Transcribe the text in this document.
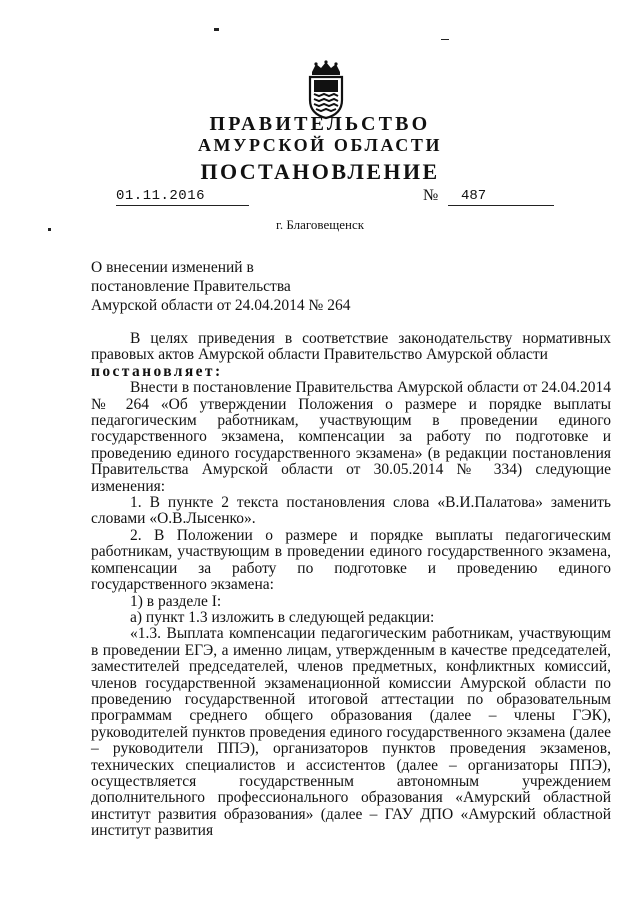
ПРАВИТЕЛЬСТВО
АМУРСКОЙ ОБЛАСТИ
ПОСТАНОВЛЕНИЕ
01.11.2016	№ 487
г. Благовещенск
О внесении изменений в
постановление Правительства
Амурской области от 24.04.2014 № 264

В целях приведения в соответствие законодательству нормативных правовых актов Амурской области Правительство Амурской области

постановляет:

Внести в постановление Правительства Амурской области от 24.04.2014 № 264 «Об утверждении Положения о размере и порядке выплаты педагогическим работникам, участвующим в проведении единого государственного экзамена, компенсации за работу по подготовке и проведению единого государственного экзамена» (в редакции постановления Правительства Амурской области от 30.05.2014 № 334) следующие изменения:

1. В пункте 2 текста постановления слова «В.И.Палатова» заменить словами «О.В.Лысенко».

2. В Положении о размере и порядке выплаты педагогическим работникам, участвующим в проведении единого государственного экзамена, компенсации за работу по подготовке и проведению единого государственного экзамена:

1) в разделе I:

а) пункт 1.3 изложить в следующей редакции:

«1.3. Выплата компенсации педагогическим работникам, участвующим в проведении ЕГЭ, а именно лицам, утвержденным в качестве председателей, заместителей председателей, членов предметных, конфликтных комиссий, членов государственной экзаменационной комиссии Амурской области по проведению государственной итоговой аттестации по образовательным программам среднего общего образования (далее – члены ГЭК), руководителей пунктов проведения единого государственного экзамена (далее – руководители ППЭ), организаторов пунктов проведения экзаменов, технических специалистов и ассистентов (далее – организаторы ППЭ), осуществляется государственным автономным учреждением дополнительного профессионального образования «Амурский областной институт развития образования» (далее – ГАУ ДПО «Амурский областной институт развития
